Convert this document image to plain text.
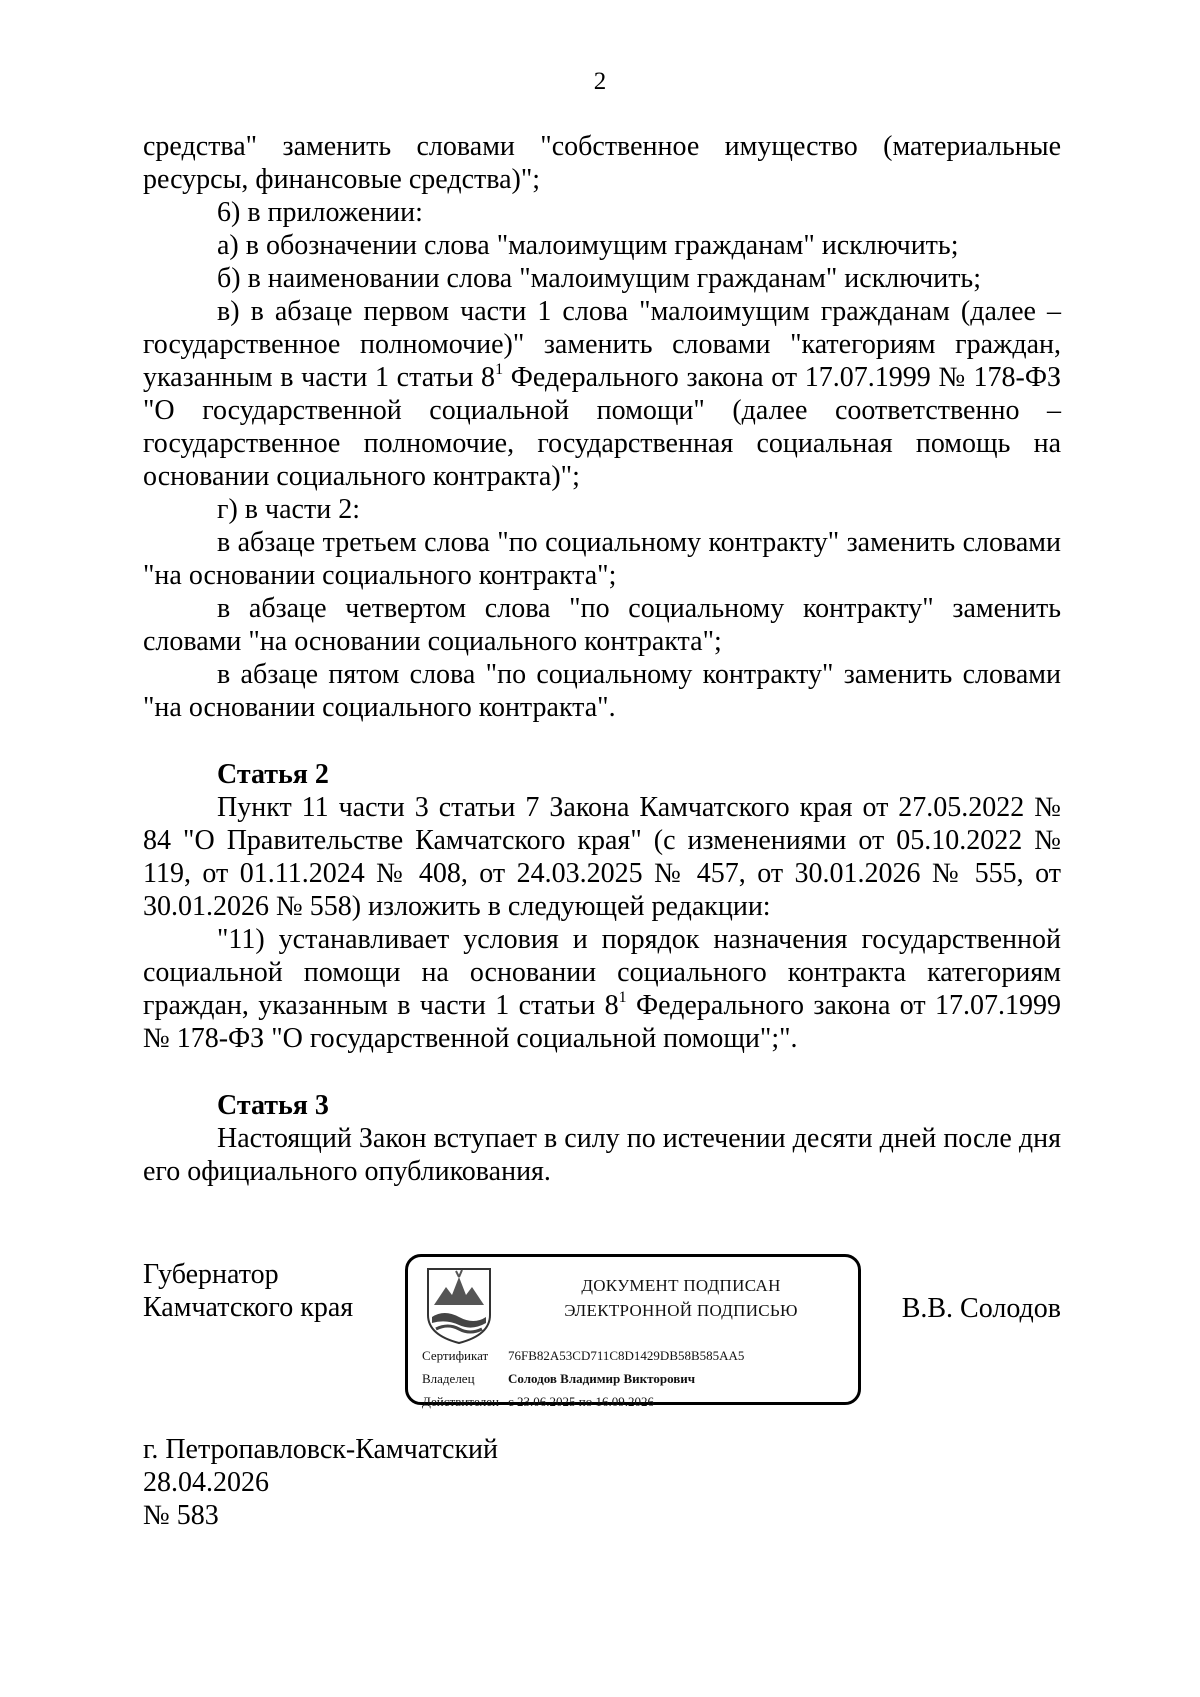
2

средства" заменить словами "собственное имущество (материальные ресурсы, финансовые средства)";

6) в приложении:

а) в обозначении слова "малоимущим гражданам" исключить;

б) в наименовании слова "малоимущим гражданам" исключить;

в) в абзаце первом части 1 слова "малоимущим гражданам (далее – государственное полномочие)" заменить словами "категориям граждан, указанным в части 1 статьи $8^1$ Федерального закона от 17.07.1999 № 178-ФЗ "О государственной социальной помощи" (далее соответственно – государственное полномочие, государственная социальная помощь на основании социального контракта)";

г) в части 2:

в абзаце третьем слова "по социальному контракту" заменить словами "на основании социального контракта";

в абзаце четвертом слова "по социальному контракту" заменить словами "на основании социального контракта";

в абзаце пятом слова "по социальному контракту" заменить словами "на основании социального контракта".

Статья 2

Пункт 11 части 3 статьи 7 Закона Камчатского края от 27.05.2022 № 84 "О Правительстве Камчатского края" (с изменениями от 05.10.2022 № 119, от 01.11.2024 № 408, от 24.03.2025 № 457, от 30.01.2026 № 555, от 30.01.2026 № 558) изложить в следующей редакции:

"11) устанавливает условия и порядок назначения государственной социальной помощи на основании социального контракта категориям граждан, указанным в части 1 статьи $8^1$ Федерального закона от 17.07.1999 № 178-ФЗ "О государственной социальной помощи";".

Статья 3

Настоящий Закон вступает в силу по истечении десяти дней после дня его официального опубликования.

Губернатор
Камчатского края
ДОКУМЕНТ ПОДПИСАН
ЭЛЕКТРОННОЙ ПОДПИСЬЮ
Сертификат 76FB82A53CD711C8D1429DB58B585AA5
Владелец	Солодов Владимир Викторович
Действителен с 23.06.2025 по 16.09.2026
В.В. Солодов
г. Петропавловск-Камчатский
28.04.2026
№ 583
